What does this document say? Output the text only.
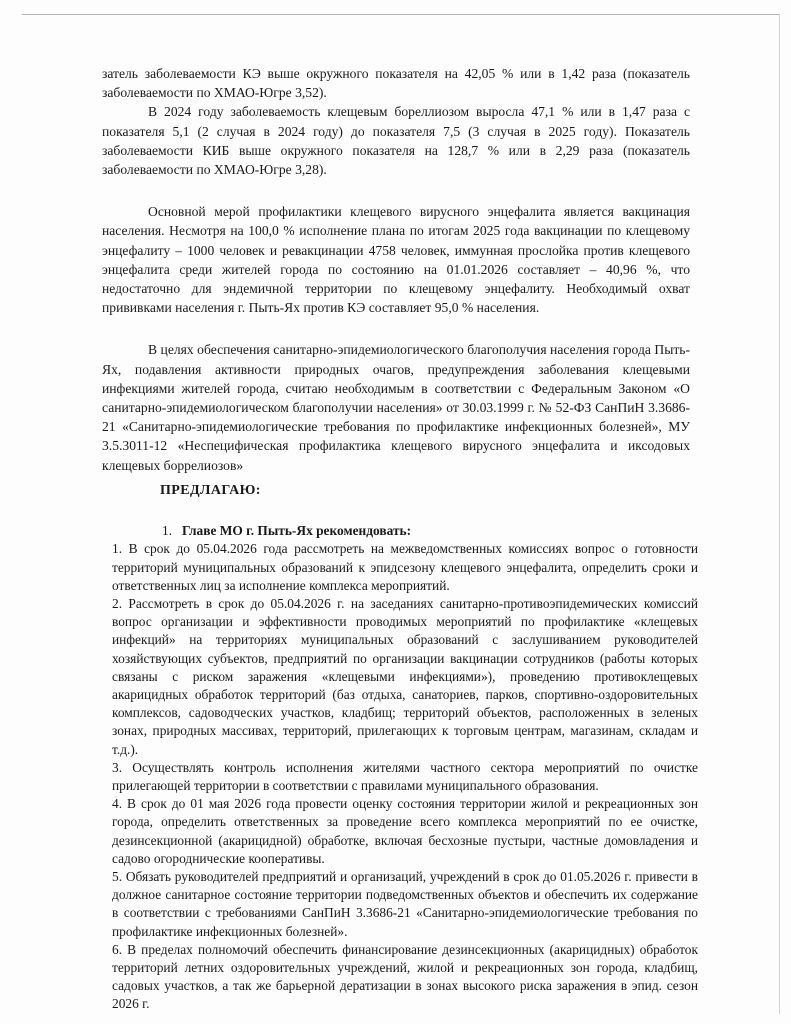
затель заболеваемости КЭ выше окружного показателя на 42,05 % или в 1,42 раза (показатель заболеваемости по ХМАО-Югре 3,52).

В 2024 году заболеваемость клещевым бореллиозом выросла 47,1 % или в 1,47 раза с показателя 5,1 (2 случая в 2024 году) до показателя 7,5 (3 случая в 2025 году). Показатель заболеваемости КИБ выше окружного показателя на 128,7 % или в 2,29 раза (показатель заболеваемости по ХМАО-Югре 3,28).

Основной мерой профилактики клещевого вирусного энцефалита является вакцинация населения. Несмотря на 100,0 % исполнение плана по итогам 2025 года вакцинации по клещевому энцефалиту – 1000 человек и ревакцинации 4758 человек, иммунная прослойка против клещевого энцефалита среди жителей города по состоянию на 01.01.2026 составляет – 40,96 %, что недостаточно для эндемичной территории по клещевому энцефалиту. Необходимый охват прививками населения г. Пыть-Ях против КЭ составляет 95,0 % населения.

В целях обеспечения санитарно-эпидемиологического благополучия населения города Пыть-Ях, подавления активности природных очагов, предупреждения заболевания клещевыми инфекциями жителей города, считаю необходимым в соответствии с Федеральным Законом «О санитарно-эпидемиологическом благополучии населения» от 30.03.1999 г. № 52-ФЗ СанПиН 3.3686-21 «Санитарно-эпидемиологические требования по профилактике инфекционных болезней», МУ 3.5.3011-12 «Неспецифическая профилактика клещевого вирусного энцефалита и иксодовых клещевых боррелиозов»

ПРЕДЛАГАЮ:

1. Главе МО г. Пыть-Ях рекомендовать:

1. В срок до 05.04.2026 года рассмотреть на межведомственных комиссиях вопрос о готовности территорий муниципальных образований к эпидсезону клещевого энцефалита, определить сроки и ответственных лиц за исполнение комплекса мероприятий.

2. Рассмотреть в срок до 05.04.2026 г. на заседаниях санитарно-противоэпидемических комиссий вопрос организации и эффективности проводимых мероприятий по профилактике «клещевых инфекций» на территориях муниципальных образований с заслушиванием руководителей хозяйствующих субъектов, предприятий по организации вакцинации сотрудников (работы которых связаны с риском заражения «клещевыми инфекциями»), проведению противоклещевых акарицидных обработок территорий (баз отдыха, санаториев, парков, спортивно-оздоровительных комплексов, садоводческих участков, кладбищ; территорий объектов, расположенных в зеленых зонах, природных массивах, территорий, прилегающих к торговым центрам, магазинам, складам и т.д.).

3. Осуществлять контроль исполнения жителями частного сектора мероприятий по очистке прилегающей территории в соответствии с правилами муниципального образования.

4. В срок до 01 мая 2026 года провести оценку состояния территории жилой и рекреационных зон города, определить ответственных за проведение всего комплекса мероприятий по ее очистке, дезинсекционной (акарицидной) обработке, включая бесхозные пустыри, частные домовладения и садово огороднические кооперативы.

5. Обязать руководителей предприятий и организаций, учреждений в срок до 01.05.2026 г. привести в должное санитарное состояние территории подведомственных объектов и обеспечить их содержание в соответствии с требованиями СанПиН 3.3686-21 «Санитарно-эпидемиологические требования по профилактике инфекционных болезней».

6. В пределах полномочий обеспечить финансирование дезинсекционных (акарицидных) обработок территорий летних оздоровительных учреждений, жилой и рекреационных зон города, кладбищ, садовых участков, а так же барьерной дератизации в зонах высокого риска заражения в эпид. сезон 2026 г.
